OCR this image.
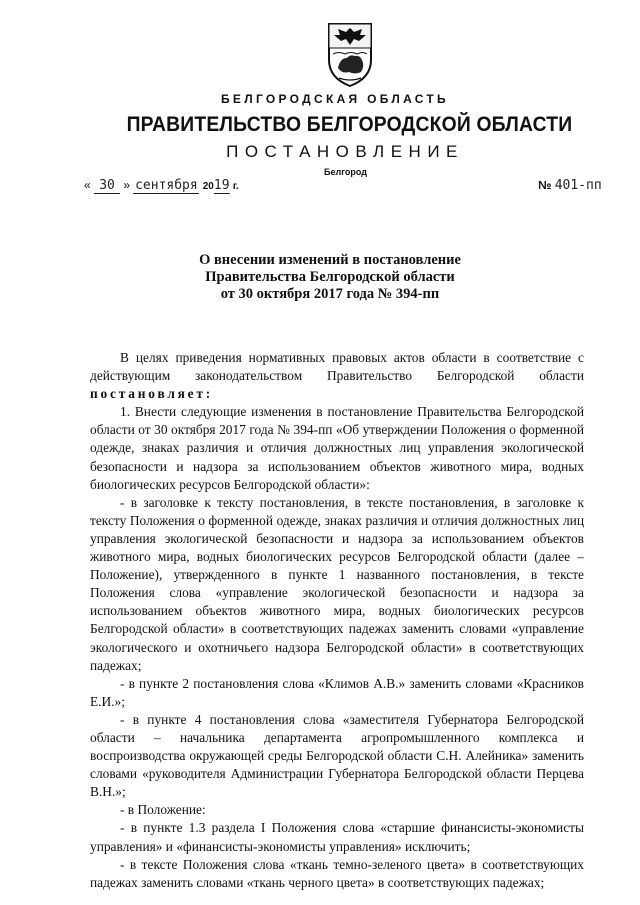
БЕЛГОРОДСКАЯ ОБЛАСТЬ
ПРАВИТЕЛЬСТВО БЕЛГОРОДСКОЙ ОБЛАСТИ
ПОСТАНОВЛЕНИЕ
Белгород
« 30 » сентября 2019 г.	№ 401-пп
О внесении изменений в постановление
Правительства Белгородской области
от 30 октября 2017 года № 394-пп

В целях приведения нормативных правовых актов области в соответствие с действующим законодательством Правительство Белгородской области постановляет:

1. Внести следующие изменения в постановление Правительства Белгородской области от 30 октября 2017 года № 394-пп «Об утверждении Положения о форменной одежде, знаках различия и отличия должностных лиц управления экологической безопасности и надзора за использованием объектов животного мира, водных биологических ресурсов Белгородской области»:

- в заголовке к тексту постановления, в тексте постановления, в заголовке к тексту Положения о форменной одежде, знаках различия и отличия должностных лиц управления экологической безопасности и надзора за использованием объектов животного мира, водных биологических ресурсов Белгородской области (далее – Положение), утвержденного в пункте 1 названного постановления, в тексте Положения слова «управление экологической безопасности и надзора за использованием объектов животного мира, водных биологических ресурсов Белгородской области» в соответствующих падежах заменить словами «управление экологического и охотничьего надзора Белгородской области» в соответствующих падежах;

- в пункте 2 постановления слова «Климов А.В.» заменить словами «Красников Е.И.»;

- в пункте 4 постановления слова «заместителя Губернатора Белгородской области – начальника департамента агропромышленного комплекса и воспроизводства окружающей среды Белгородской области С.Н. Алейника» заменить словами «руководителя Администрации Губернатора Белгородской области Перцева В.Н.»;

- в Положение:

- в пункте 1.3 раздела I Положения слова «старшие финансисты-экономисты управления» и «финансисты-экономисты управления» исключить;

- в тексте Положения слова «ткань темно-зеленого цвета» в соответствующих падежах заменить словами «ткань черного цвета» в соответствующих падежах;
